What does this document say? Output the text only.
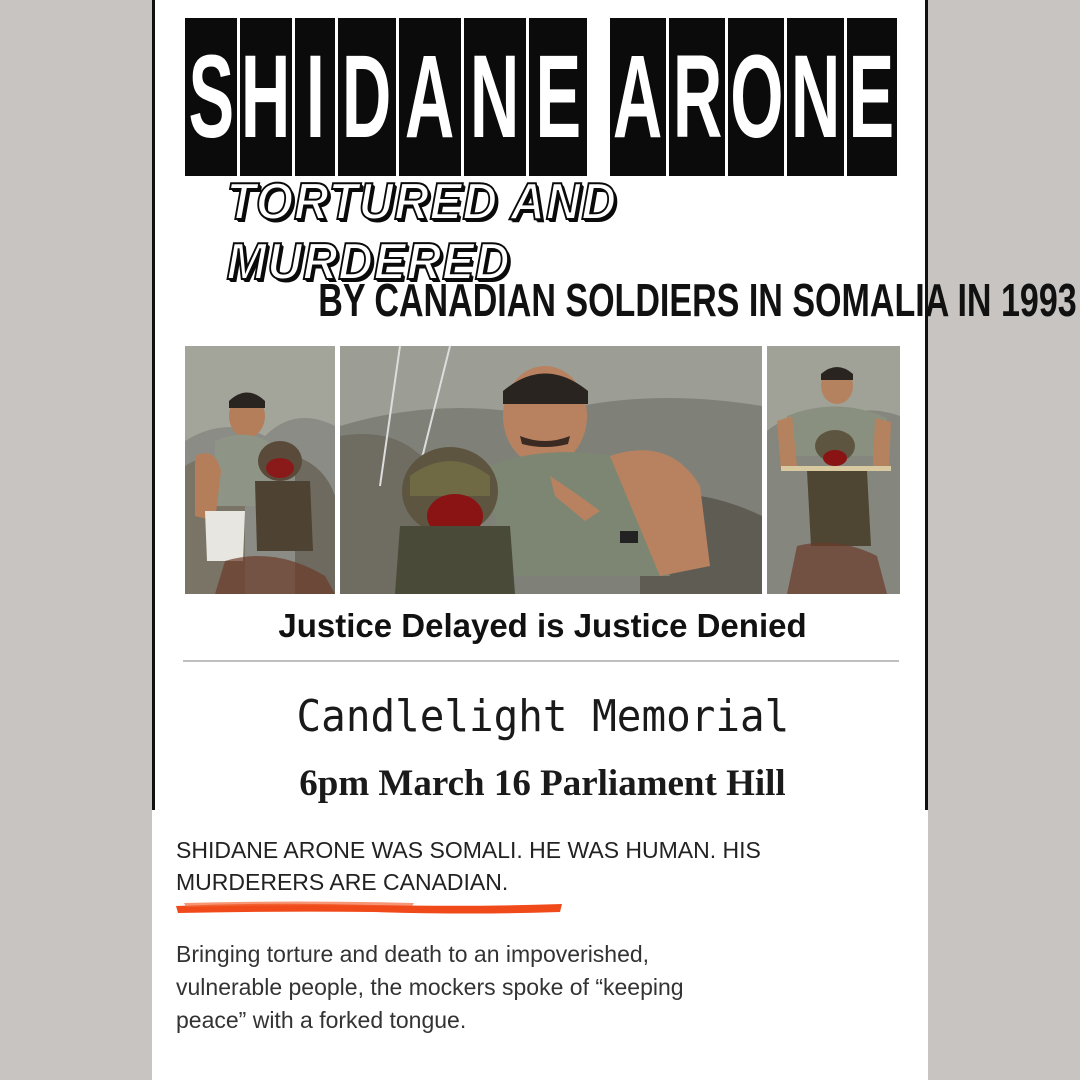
S H I D A N E A R O N E
TORTURED AND MURDERED
BY CANADIAN SOLDIERS IN SOMALIA IN 1993
Justice Delayed is Justice Denied
Candlelight Memorial
6pm March 16 Parliament Hill
SHIDANE ARONE WAS SOMALI. HE WAS HUMAN. HIS
MURDERERS ARE CANADIAN.
Bringing torture and death to an impoverished,
vulnerable people, the mockers spoke of “keeping
peace” with a forked tongue.
